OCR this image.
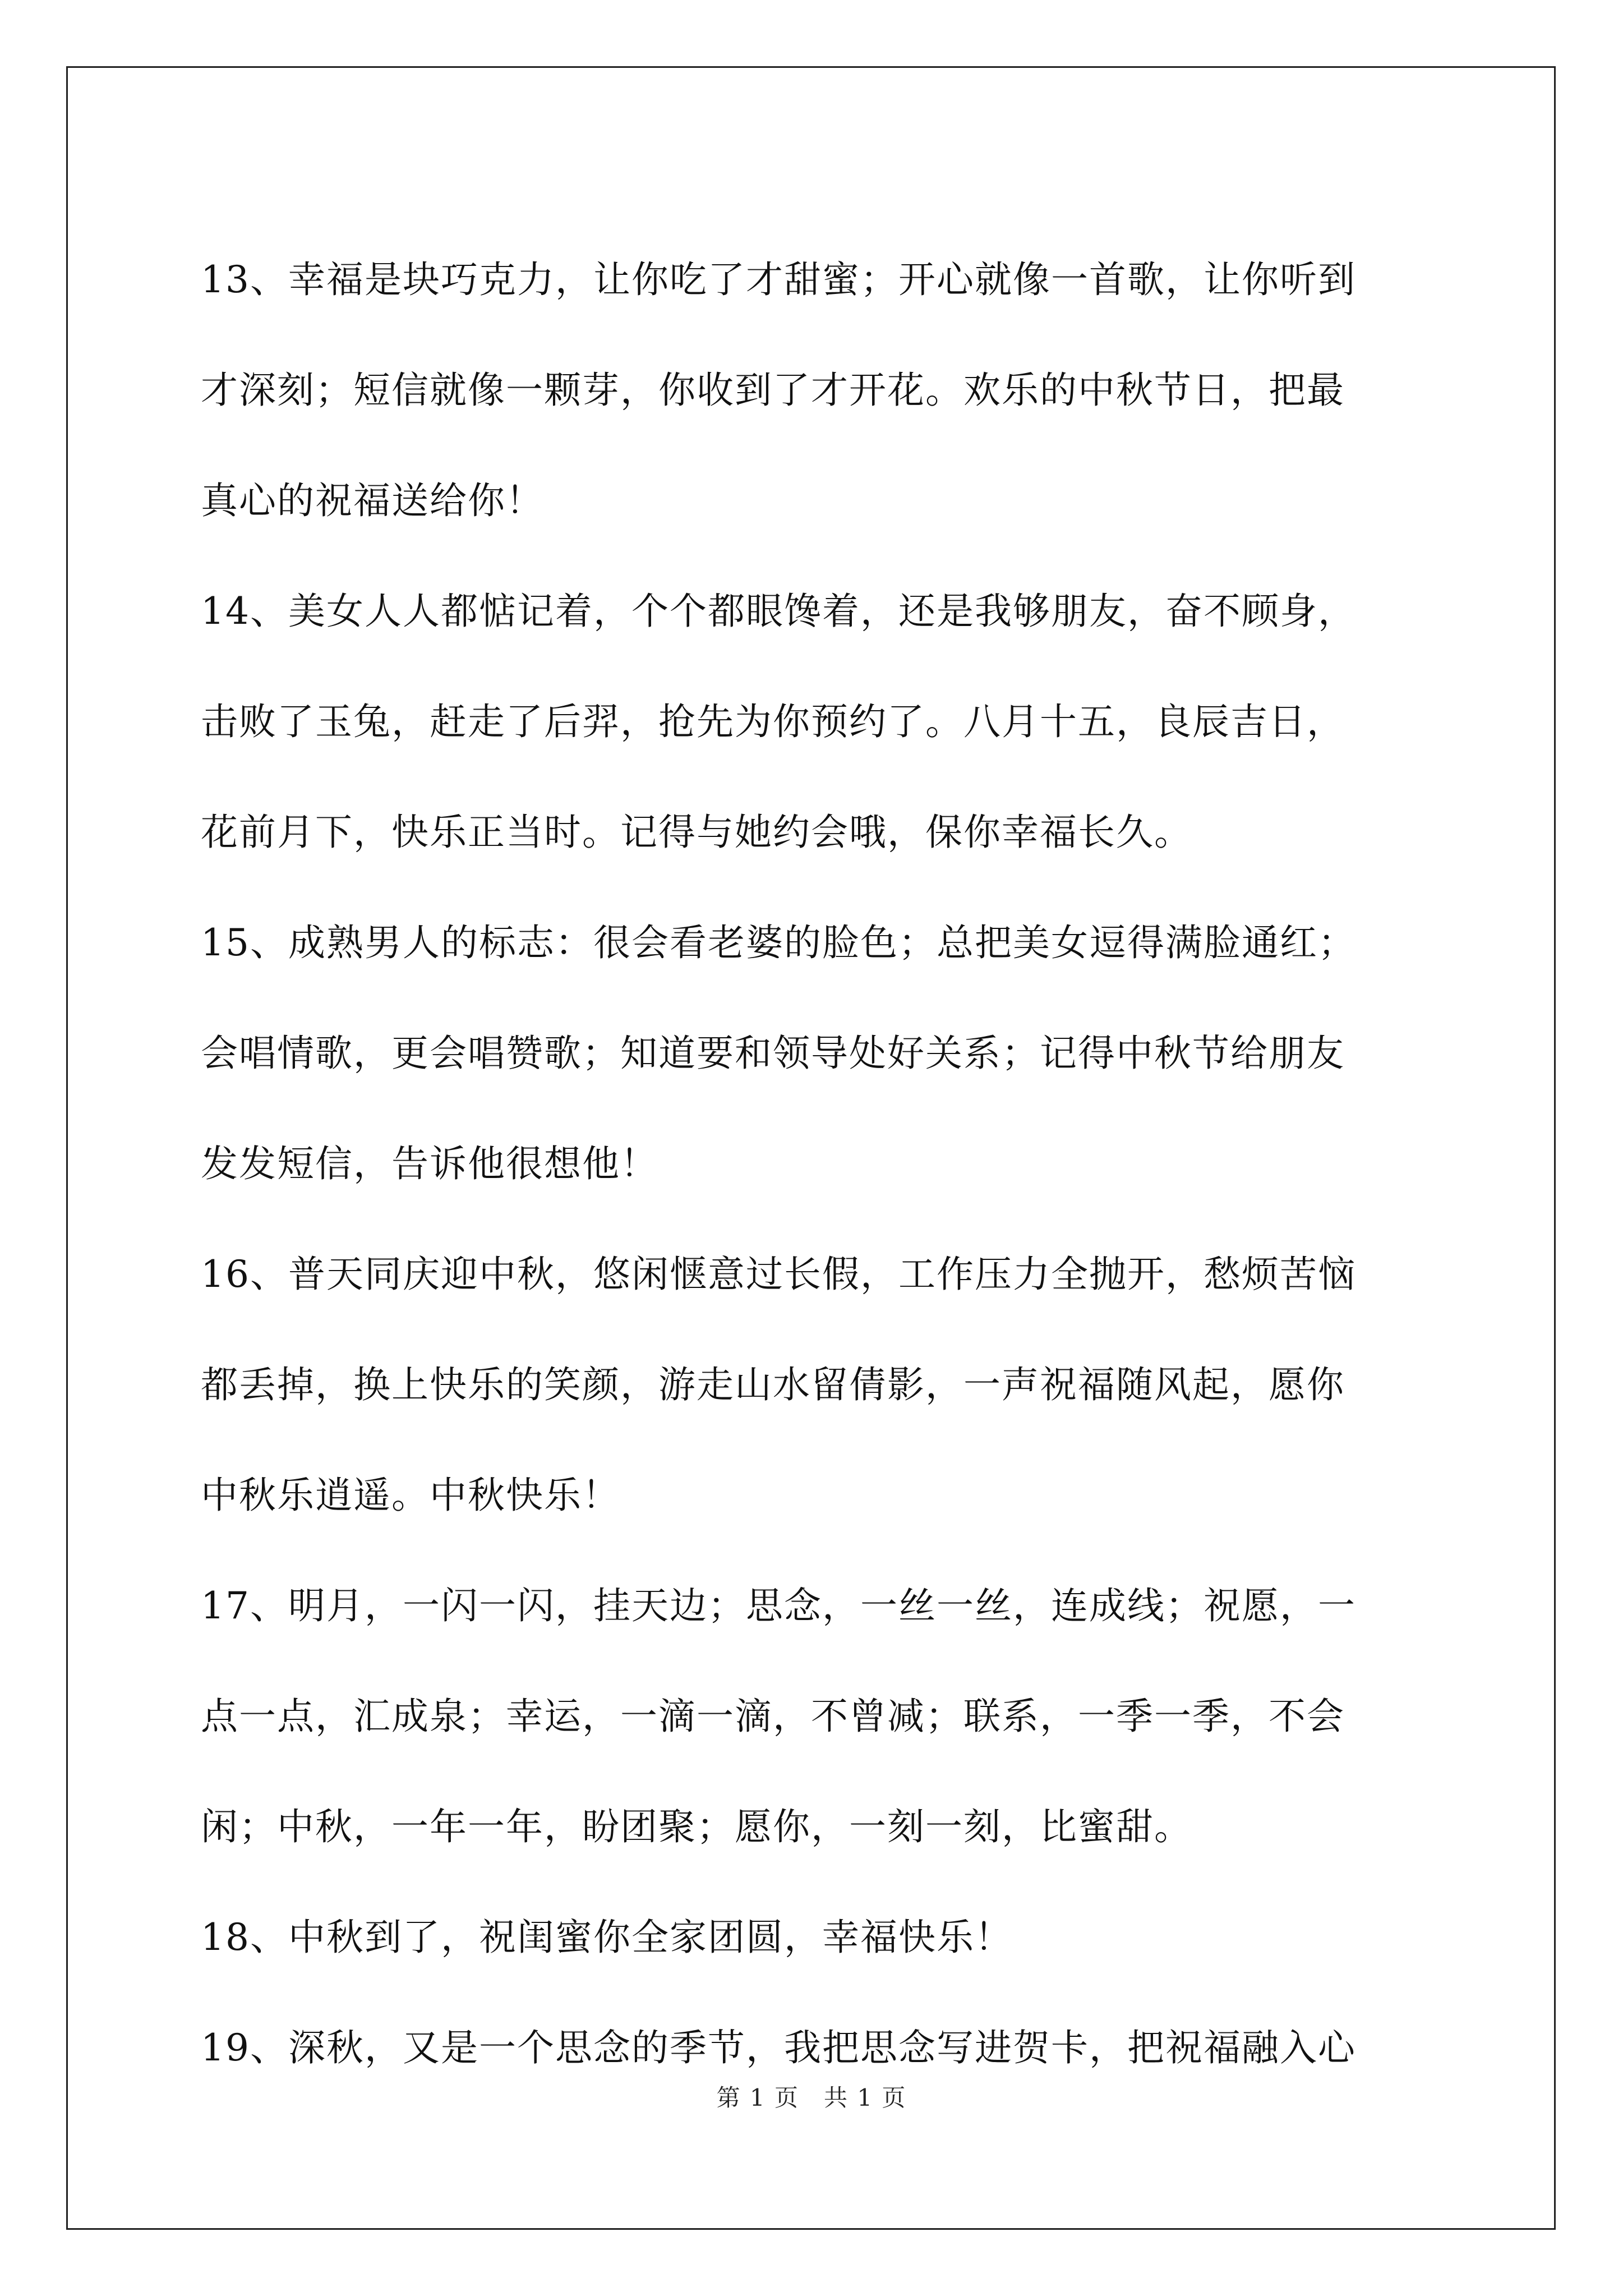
13、幸福是块巧克力，让你吃了才甜蜜；开心就像一首歌，让你听到
才深刻；短信就像一颗芽，你收到了才开花。欢乐的中秋节日，把最
真心的祝福送给你！

14、美女人人都惦记着，个个都眼馋着，还是我够朋友，奋不顾身，
击败了玉兔，赶走了后羿，抢先为你预约了。八月十五，良辰吉日，
花前月下，快乐正当时。记得与她约会哦，保你幸福长久。

15、成熟男人的标志：很会看老婆的脸色；总把美女逗得满脸通红；
会唱情歌，更会唱赞歌；知道要和领导处好关系；记得中秋节给朋友
发发短信，告诉他很想他！

16、普天同庆迎中秋，悠闲惬意过长假，工作压力全抛开，愁烦苦恼
都丢掉，换上快乐的笑颜，游走山水留倩影，一声祝福随风起，愿你
中秋乐逍遥。中秋快乐！

17、明月，一闪一闪，挂天边；思念，一丝一丝，连成线；祝愿，一
点一点，汇成泉；幸运，一滴一滴，不曾减；联系，一季一季，不会
闲；中秋，一年一年，盼团聚；愿你，一刻一刻，比蜜甜。

18、中秋到了，祝闺蜜你全家团圆，幸福快乐！

19、深秋，又是一个思念的季节，我把思念写进贺卡，把祝福融入心

第 1 页　共 1 页
